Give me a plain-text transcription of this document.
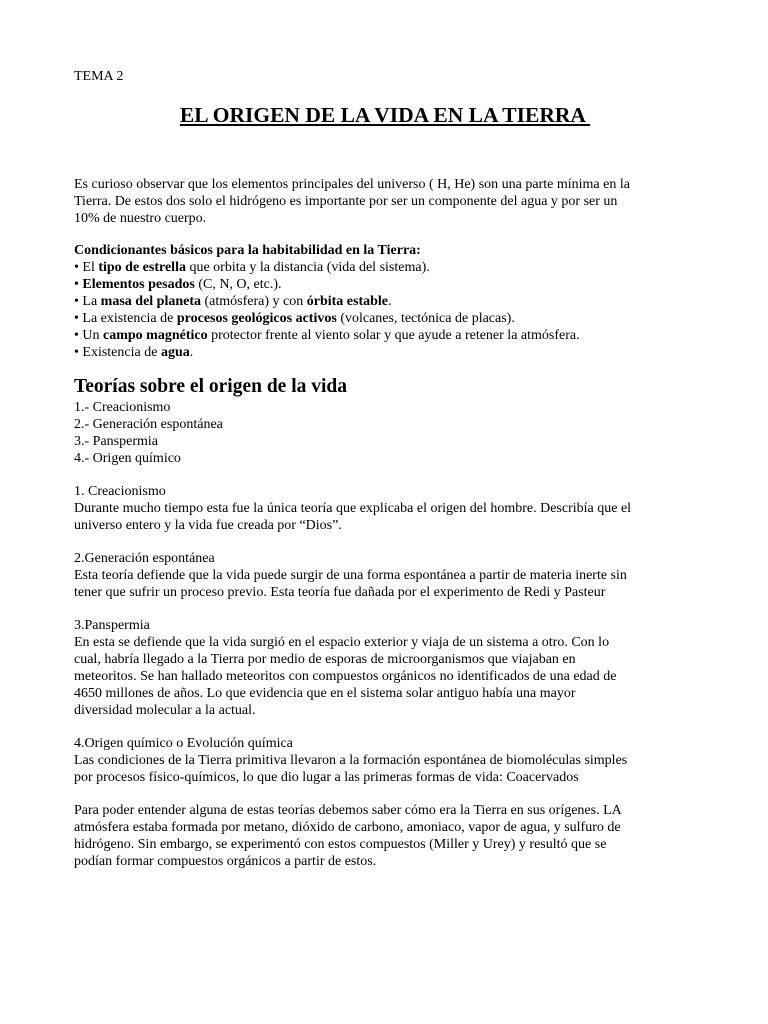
TEMA 2

EL ORIGEN DE LA VIDA EN LA TIERRA
Es curioso observar que los elementos principales del universo ( H, He) son una parte mínima en la
Tierra. De estos dos solo el hidrógeno es importante por ser un componente del agua y por ser un
10% de nuestro cuerpo.
Condicionantes básicos para la habitabilidad en la Tierra:
• El tipo de estrella que orbita y la distancia (vida del sistema).
• Elementos pesados (C, N, O, etc.).
• La masa del planeta (atmósfera) y con órbita estable.
• La existencia de procesos geológicos activos (volcanes, tectónica de placas).
• Un campo magnético protector frente al viento solar y que ayude a retener la atmósfera.
• Existencia de agua.
Teorías sobre el origen de la vida
1.- Creacionismo
2.- Generación espontánea
3.- Panspermia
4.- Origen químico
1. Creacionismo
Durante mucho tiempo esta fue la única teoría que explicaba el origen del hombre. Describía que el
universo entero y la vida fue creada por “Dios”.
2.Generación espontánea
Esta teoría defiende que la vida puede surgir de una forma espontánea a partir de materia inerte sin
tener que sufrir un proceso previo. Esta teoría fue dañada por el experimento de Redi y Pasteur
3.Panspermia
En esta se defiende que la vida surgió en el espacio exterior y viaja de un sistema a otro. Con lo
cual, habría llegado a la Tierra por medio de esporas de microorganismos que viajaban en
meteoritos. Se han hallado meteoritos con compuestos orgánicos no identificados de una edad de
4650 millones de años. Lo que evidencia que en el sistema solar antiguo había una mayor
diversidad molecular a la actual.
4.Origen químico o Evolución química
Las condiciones de la Tierra primitiva llevaron a la formación espontánea de biomoléculas simples
por procesos físico-químicos, lo que dio lugar a las primeras formas de vida: Coacervados
Para poder entender alguna de estas teorías debemos saber cómo era la Tierra en sus orígenes. LA
atmósfera estaba formada por metano, dióxido de carbono, amoniaco, vapor de agua, y sulfuro de
hidrógeno. Sin embargo, se experimentó con estos compuestos (Miller y Urey) y resultó que se
podían formar compuestos orgánicos a partir de estos.
